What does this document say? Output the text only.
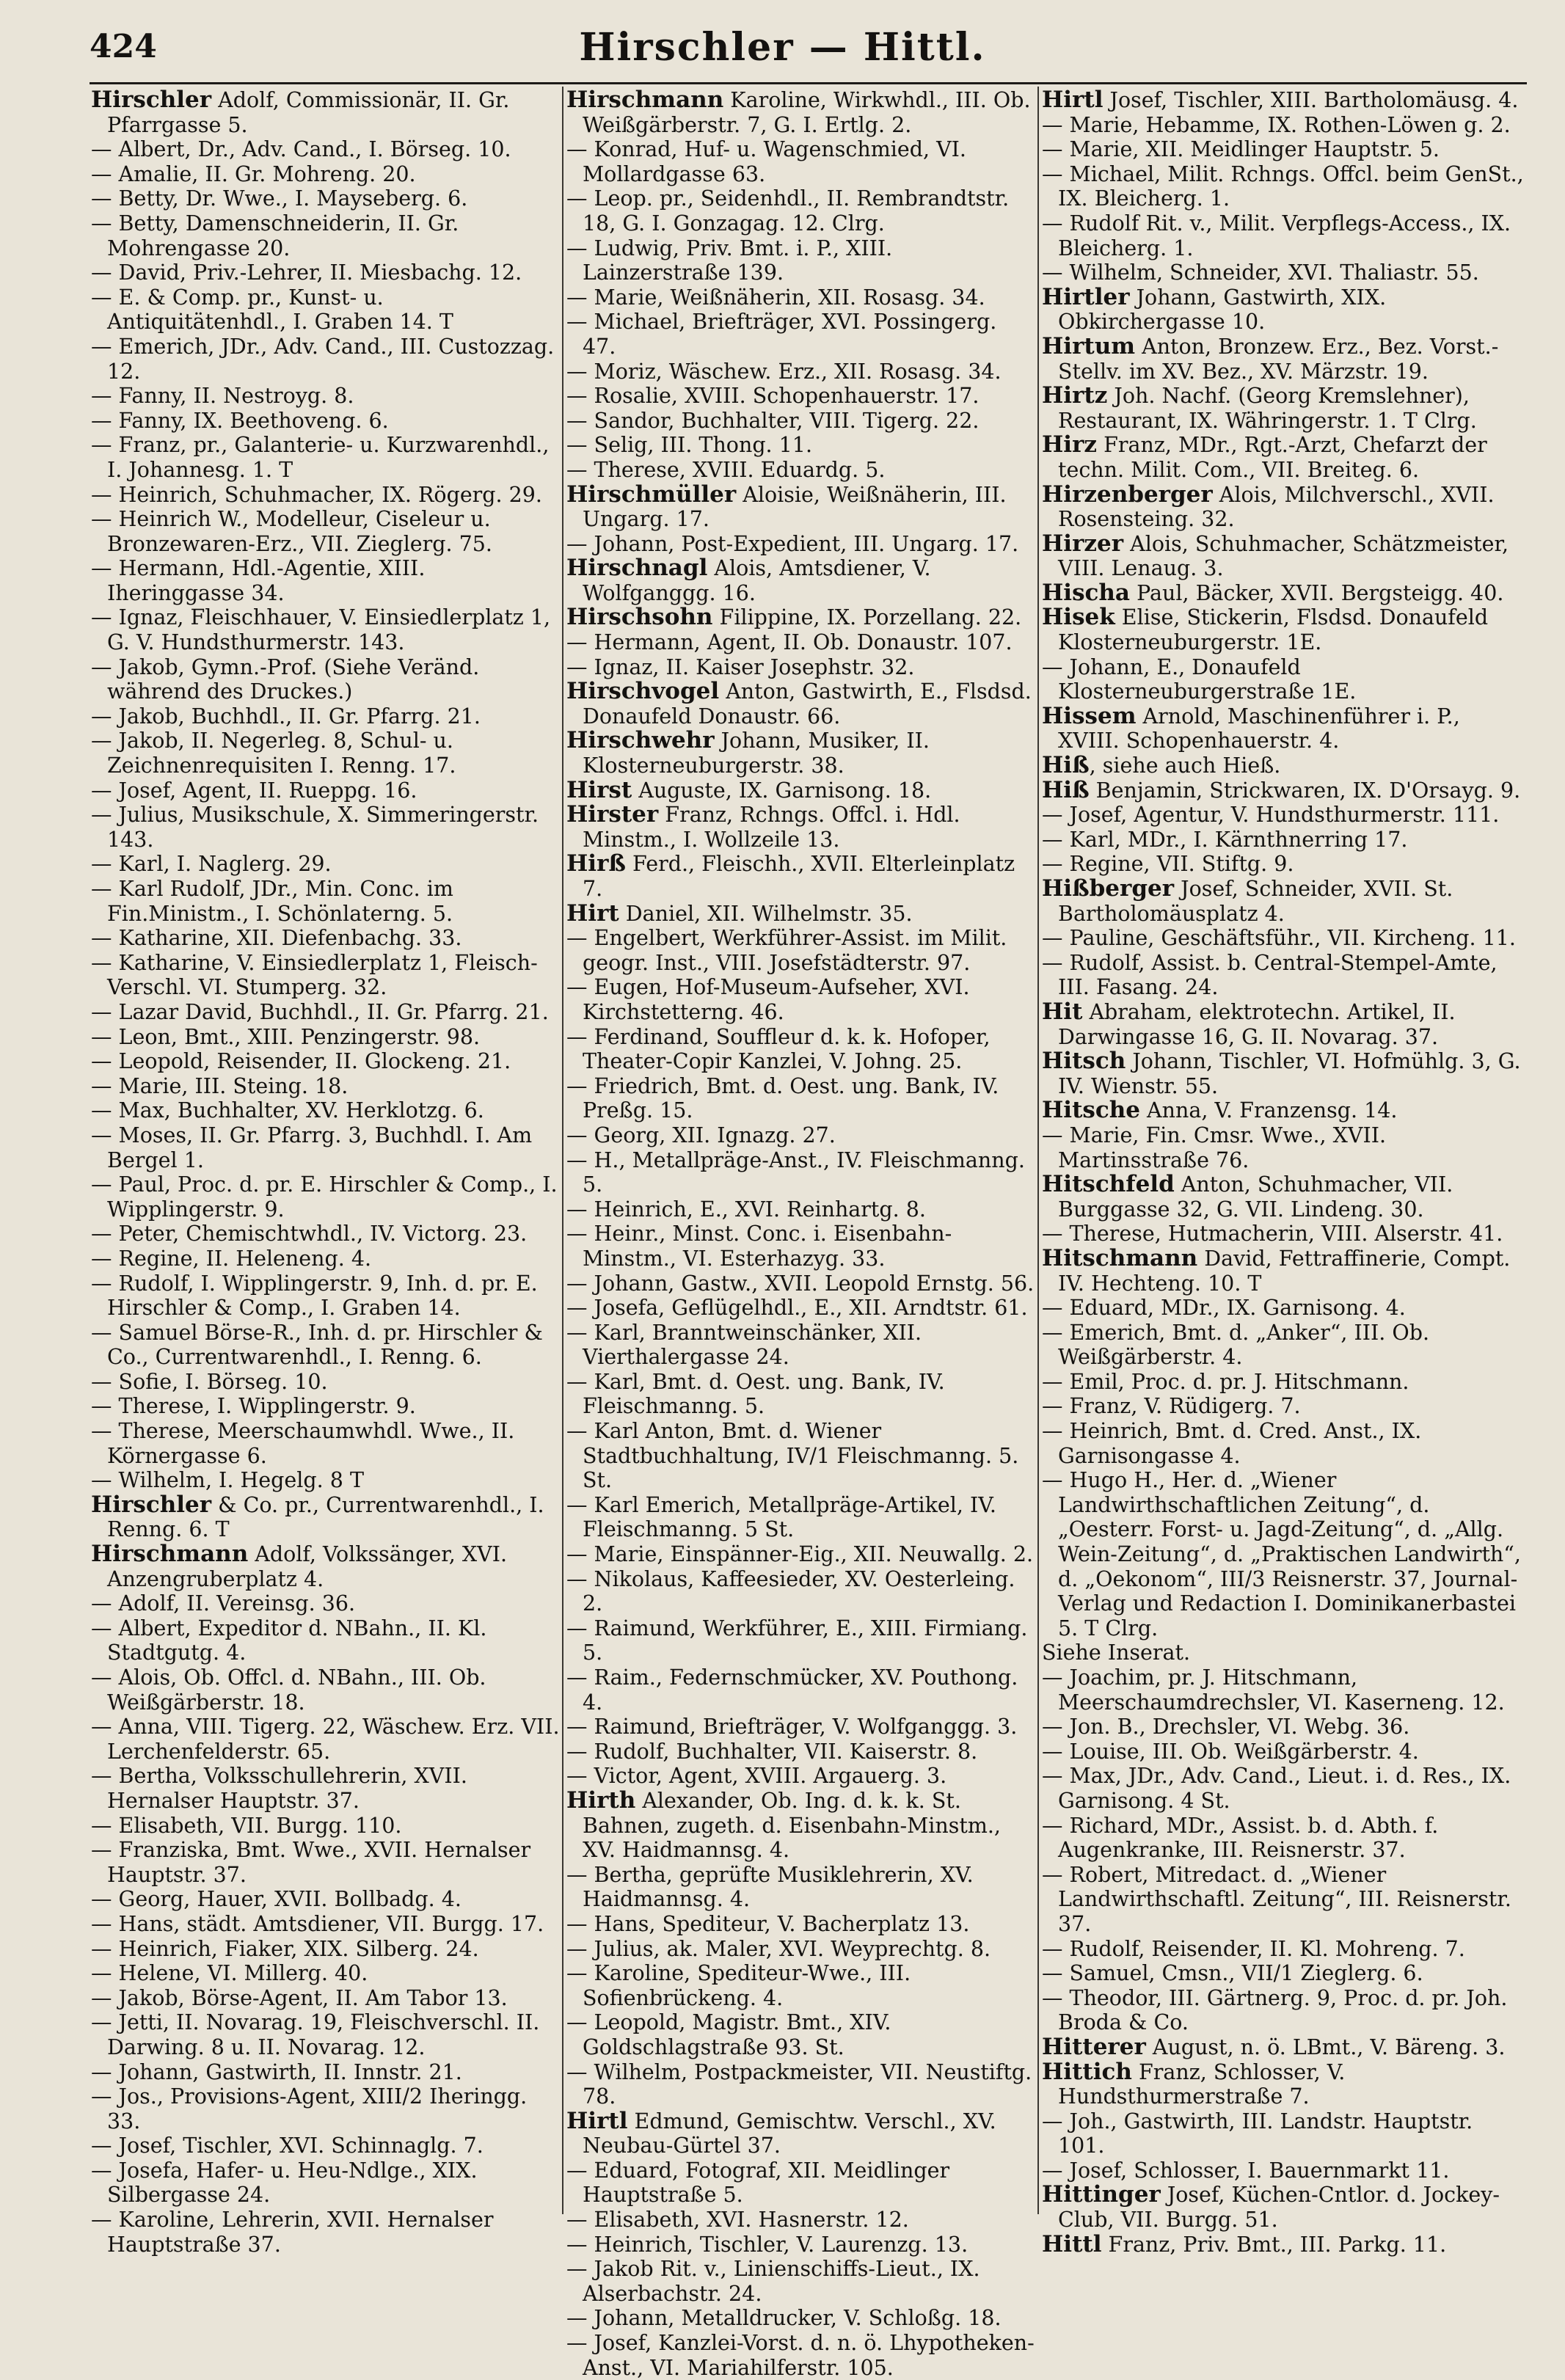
424	Hirschler — Hittl.
Hirschler Adolf, Commissionär, II. Gr. Pfarrgasse 5.
— Albert, Dr., Adv. Cand., I. Börseg. 10.
— Amalie, II. Gr. Mohreng. 20.
— Betty, Dr. Wwe., I. Mayseberg. 6.
— Betty, Damenschneiderin, II. Gr. Mohrengasse 20.
— David, Priv.-Lehrer, II. Miesbachg. 12.
— E. & Comp. pr., Kunst- u. Antiquitätenhdl., I. Graben 14. T
— Emerich, JDr., Adv. Cand., III. Custozzag. 12.
— Fanny, II. Nestroyg. 8.
— Fanny, IX. Beethoveng. 6.
— Franz, pr., Galanterie- u. Kurzwarenhdl., I. Johannesg. 1. T
— Heinrich, Schuhmacher, IX. Rögerg. 29.
— Heinrich W., Modelleur, Ciseleur u. Bronzewaren-Erz., VII. Zieglerg. 75.
— Hermann, Hdl.-Agentie, XIII. Iheringgasse 34.
— Ignaz, Fleischhauer, V. Einsiedlerplatz 1, G. V. Hundsthurmerstr. 143.
— Jakob, Gymn.-Prof. (Siehe Veränd. während des Druckes.)
— Jakob, Buchhdl., II. Gr. Pfarrg. 21.
— Jakob, II. Negerleg. 8, Schul- u. Zeichnenrequisiten I. Renng. 17.
— Josef, Agent, II. Rueppg. 16.
— Julius, Musikschule, X. Simmeringerstr. 143.
— Karl, I. Naglerg. 29.
— Karl Rudolf, JDr., Min. Conc. im Fin.Ministm., I. Schönlaterng. 5.
— Katharine, XII. Diefenbachg. 33.
— Katharine, V. Einsiedlerplatz 1, Fleisch-Verschl. VI. Stumperg. 32.
— Lazar David, Buchhdl., II. Gr. Pfarrg. 21.
— Leon, Bmt., XIII. Penzingerstr. 98.
— Leopold, Reisender, II. Glockeng. 21.
— Marie, III. Steing. 18.
— Max, Buchhalter, XV. Herklotzg. 6.
— Moses, II. Gr. Pfarrg. 3, Buchhdl. I. Am Bergel 1.
— Paul, Proc. d. pr. E. Hirschler & Comp., I. Wipplingerstr. 9.
— Peter, Chemischtwhdl., IV. Victorg. 23.
— Regine, II. Heleneng. 4.
— Rudolf, I. Wipplingerstr. 9, Inh. d. pr. E. Hirschler & Comp., I. Graben 14.
— Samuel Börse-R., Inh. d. pr. Hirschler & Co., Currentwarenhdl., I. Renng. 6.
— Sofie, I. Börseg. 10.
— Therese, I. Wipplingerstr. 9.
— Therese, Meerschaumwhdl. Wwe., II. Körnergasse 6.
— Wilhelm, I. Hegelg. 8 T
Hirschler & Co. pr., Currentwarenhdl., I. Renng. 6. T
Hirschmann Adolf, Volkssänger, XVI. Anzengruberplatz 4.
— Adolf, II. Vereinsg. 36.
— Albert, Expeditor d. NBahn., II. Kl. Stadtgutg. 4.
— Alois, Ob. Offcl. d. NBahn., III. Ob. Weißgärberstr. 18.
— Anna, VIII. Tigerg. 22, Wäschew. Erz. VII. Lerchenfelderstr. 65.
— Bertha, Volksschullehrerin, XVII. Hernalser Hauptstr. 37.
— Elisabeth, VII. Burgg. 110.
— Franziska, Bmt. Wwe., XVII. Hernalser Hauptstr. 37.
— Georg, Hauer, XVII. Bollbadg. 4.
— Hans, städt. Amtsdiener, VII. Burgg. 17.
— Heinrich, Fiaker, XIX. Silberg. 24.
— Helene, VI. Millerg. 40.
— Jakob, Börse-Agent, II. Am Tabor 13.
— Jetti, II. Novarag. 19, Fleischverschl. II. Darwing. 8 u. II. Novarag. 12.
— Johann, Gastwirth, II. Innstr. 21.
— Jos., Provisions-Agent, XIII/2 Iheringg. 33.
— Josef, Tischler, XVI. Schinnaglg. 7.
— Josefa, Hafer- u. Heu-Ndlge., XIX. Silbergasse 24.
— Karoline, Lehrerin, XVII. Hernalser Hauptstraße 37.
Hirschmann Karoline, Wirkwhdl., III. Ob. Weißgärberstr. 7, G. I. Ertlg. 2.
— Konrad, Huf- u. Wagenschmied, VI. Mollardgasse 63.
— Leop. pr., Seidenhdl., II. Rembrandtstr. 18, G. I. Gonzagag. 12. Clrg.
— Ludwig, Priv. Bmt. i. P., XIII. Lainzerstraße 139.
— Marie, Weißnäherin, XII. Rosasg. 34.
— Michael, Briefträger, XVI. Possingerg. 47.
— Moriz, Wäschew. Erz., XII. Rosasg. 34.
— Rosalie, XVIII. Schopenhauerstr. 17.
— Sandor, Buchhalter, VIII. Tigerg. 22.
— Selig, III. Thong. 11.
— Therese, XVIII. Eduardg. 5.
Hirschmüller Aloisie, Weißnäherin, III. Ungarg. 17.
— Johann, Post-Expedient, III. Ungarg. 17.
Hirschnagl Alois, Amtsdiener, V. Wolfganggg. 16.
Hirschsohn Filippine, IX. Porzellang. 22.
— Hermann, Agent, II. Ob. Donaustr. 107.
— Ignaz, II. Kaiser Josephstr. 32.
Hirschvogel Anton, Gastwirth, E., Flsdsd. Donaufeld Donaustr. 66.
Hirschwehr Johann, Musiker, II. Klosterneuburgerstr. 38.
Hirst Auguste, IX. Garnisong. 18.
Hirster Franz, Rchngs. Offcl. i. Hdl. Minstm., I. Wollzeile 13.
Hirß Ferd., Fleischh., XVII. Elterleinplatz 7.
Hirt Daniel, XII. Wilhelmstr. 35.
— Engelbert, Werkführer-Assist. im Milit. geogr. Inst., VIII. Josefstädterstr. 97.
— Eugen, Hof-Museum-Aufseher, XVI. Kirchstetterng. 46.
— Ferdinand, Souffleur d. k. k. Hofoper, Theater-Copir Kanzlei, V. Johng. 25.
— Friedrich, Bmt. d. Oest. ung. Bank, IV. Preßg. 15.
— Georg, XII. Ignazg. 27.
— H., Metallpräge-Anst., IV. Fleischmanng. 5.
— Heinrich, E., XVI. Reinhartg. 8.
— Heinr., Minst. Conc. i. Eisenbahn-Minstm., VI. Esterhazyg. 33.
— Johann, Gastw., XVII. Leopold Ernstg. 56.
— Josefa, Geflügelhdl., E., XII. Arndtstr. 61.
— Karl, Branntweinschänker, XII. Vierthalergasse 24.
— Karl, Bmt. d. Oest. ung. Bank, IV. Fleischmanng. 5.
— Karl Anton, Bmt. d. Wiener Stadtbuchhaltung, IV/1 Fleischmanng. 5. St.
— Karl Emerich, Metallpräge-Artikel, IV. Fleischmanng. 5 St.
— Marie, Einspänner-Eig., XII. Neuwallg. 2.
— Nikolaus, Kaffeesieder, XV. Oesterleing. 2.
— Raimund, Werkführer, E., XIII. Firmiang. 5.
— Raim., Federnschmücker, XV. Pouthong. 4.
— Raimund, Briefträger, V. Wolfganggg. 3.
— Rudolf, Buchhalter, VII. Kaiserstr. 8.
— Victor, Agent, XVIII. Argauerg. 3.
Hirth Alexander, Ob. Ing. d. k. k. St. Bahnen, zugeth. d. Eisenbahn-Minstm., XV. Haidmannsg. 4.
— Bertha, geprüfte Musiklehrerin, XV. Haidmannsg. 4.
— Hans, Spediteur, V. Bacherplatz 13.
— Julius, ak. Maler, XVI. Weyprechtg. 8.
— Karoline, Spediteur-Wwe., III. Sofienbrückeng. 4.
— Leopold, Magistr. Bmt., XIV. Goldschlagstraße 93. St.
— Wilhelm, Postpackmeister, VII. Neustiftg. 78.
Hirtl Edmund, Gemischtw. Verschl., XV. Neubau-Gürtel 37.
— Eduard, Fotograf, XII. Meidlinger Hauptstraße 5.
— Elisabeth, XVI. Hasnerstr. 12.
— Heinrich, Tischler, V. Laurenzg. 13.
— Jakob Rit. v., Linienschiffs-Lieut., IX. Alserbachstr. 24.
— Johann, Metalldrucker, V. Schloßg. 18.
— Josef, Kanzlei-Vorst. d. n. ö. Lhypotheken-Anst., VI. Mariahilferstr. 105.
Hirtl Josef, Tischler, XIII. Bartholomäusg. 4.
— Marie, Hebamme, IX. Rothen-Löwen g. 2.
— Marie, XII. Meidlinger Hauptstr. 5.
— Michael, Milit. Rchngs. Offcl. beim GenSt., IX. Bleicherg. 1.
— Rudolf Rit. v., Milit. Verpflegs-Access., IX. Bleicherg. 1.
— Wilhelm, Schneider, XVI. Thaliastr. 55.
Hirtler Johann, Gastwirth, XIX. Obkirchergasse 10.
Hirtum Anton, Bronzew. Erz., Bez. Vorst.-Stellv. im XV. Bez., XV. Märzstr. 19.
Hirtz Joh. Nachf. (Georg Kremslehner), Restaurant, IX. Währingerstr. 1. T Clrg.
Hirz Franz, MDr., Rgt.-Arzt, Chefarzt der techn. Milit. Com., VII. Breiteg. 6.
Hirzenberger Alois, Milchverschl., XVII. Rosensteing. 32.
Hirzer Alois, Schuhmacher, Schätzmeister, VIII. Lenaug. 3.
Hischa Paul, Bäcker, XVII. Bergsteigg. 40.
Hisek Elise, Stickerin, Flsdsd. Donaufeld Klosterneuburgerstr. 1E.
— Johann, E., Donaufeld Klosterneuburgerstraße 1E.
Hissem Arnold, Maschinenführer i. P., XVIII. Schopenhauerstr. 4.
Hiß, siehe auch Hieß.
Hiß Benjamin, Strickwaren, IX. D'Orsayg. 9.
— Josef, Agentur, V. Hundsthurmerstr. 111.
— Karl, MDr., I. Kärnthnerring 17.
— Regine, VII. Stiftg. 9.
Hißberger Josef, Schneider, XVII. St. Bartholomäusplatz 4.
— Pauline, Geschäftsführ., VII. Kircheng. 11.
— Rudolf, Assist. b. Central-Stempel-Amte, III. Fasang. 24.
Hit Abraham, elektrotechn. Artikel, II. Darwingasse 16, G. II. Novarag. 37.
Hitsch Johann, Tischler, VI. Hofmühlg. 3, G. IV. Wienstr. 55.
Hitsche Anna, V. Franzensg. 14.
— Marie, Fin. Cmsr. Wwe., XVII. Martinsstraße 76.
Hitschfeld Anton, Schuhmacher, VII. Burggasse 32, G. VII. Lindeng. 30.
— Therese, Hutmacherin, VIII. Alserstr. 41.
Hitschmann David, Fettraffinerie, Compt. IV. Hechteng. 10. T
— Eduard, MDr., IX. Garnisong. 4.
— Emerich, Bmt. d. „Anker“, III. Ob. Weißgärberstr. 4.
— Emil, Proc. d. pr. J. Hitschmann.
— Franz, V. Rüdigerg. 7.
— Heinrich, Bmt. d. Cred. Anst., IX. Garnisongasse 4.
— Hugo H., Her. d. „Wiener Landwirthschaftlichen Zeitung“, d. „Oesterr. Forst- u. Jagd-Zeitung“, d. „Allg. Wein-Zeitung“, d. „Praktischen Landwirth“, d. „Oekonom“, III/3 Reisnerstr. 37, Journal-Verlag und Redaction I. Dominikanerbastei 5. T Clrg.
Siehe Inserat.
— Joachim, pr. J. Hitschmann, Meerschaumdrechsler, VI. Kaserneng. 12.
— Jon. B., Drechsler, VI. Webg. 36.
— Louise, III. Ob. Weißgärberstr. 4.
— Max, JDr., Adv. Cand., Lieut. i. d. Res., IX. Garnisong. 4 St.
— Richard, MDr., Assist. b. d. Abth. f. Augenkranke, III. Reisnerstr. 37.
— Robert, Mitredact. d. „Wiener Landwirthschaftl. Zeitung“, III. Reisnerstr. 37.
— Rudolf, Reisender, II. Kl. Mohreng. 7.
— Samuel, Cmsn., VII/1 Zieglerg. 6.
— Theodor, III. Gärtnerg. 9, Proc. d. pr. Joh. Broda & Co.
Hitterer August, n. ö. LBmt., V. Bäreng. 3.
Hittich Franz, Schlosser, V. Hundsthurmerstraße 7.
— Joh., Gastwirth, III. Landstr. Hauptstr. 101.
— Josef, Schlosser, I. Bauernmarkt 11.
Hittinger Josef, Küchen-Cntlor. d. Jockey-Club, VII. Burgg. 51.
Hittl Franz, Priv. Bmt., III. Parkg. 11.
